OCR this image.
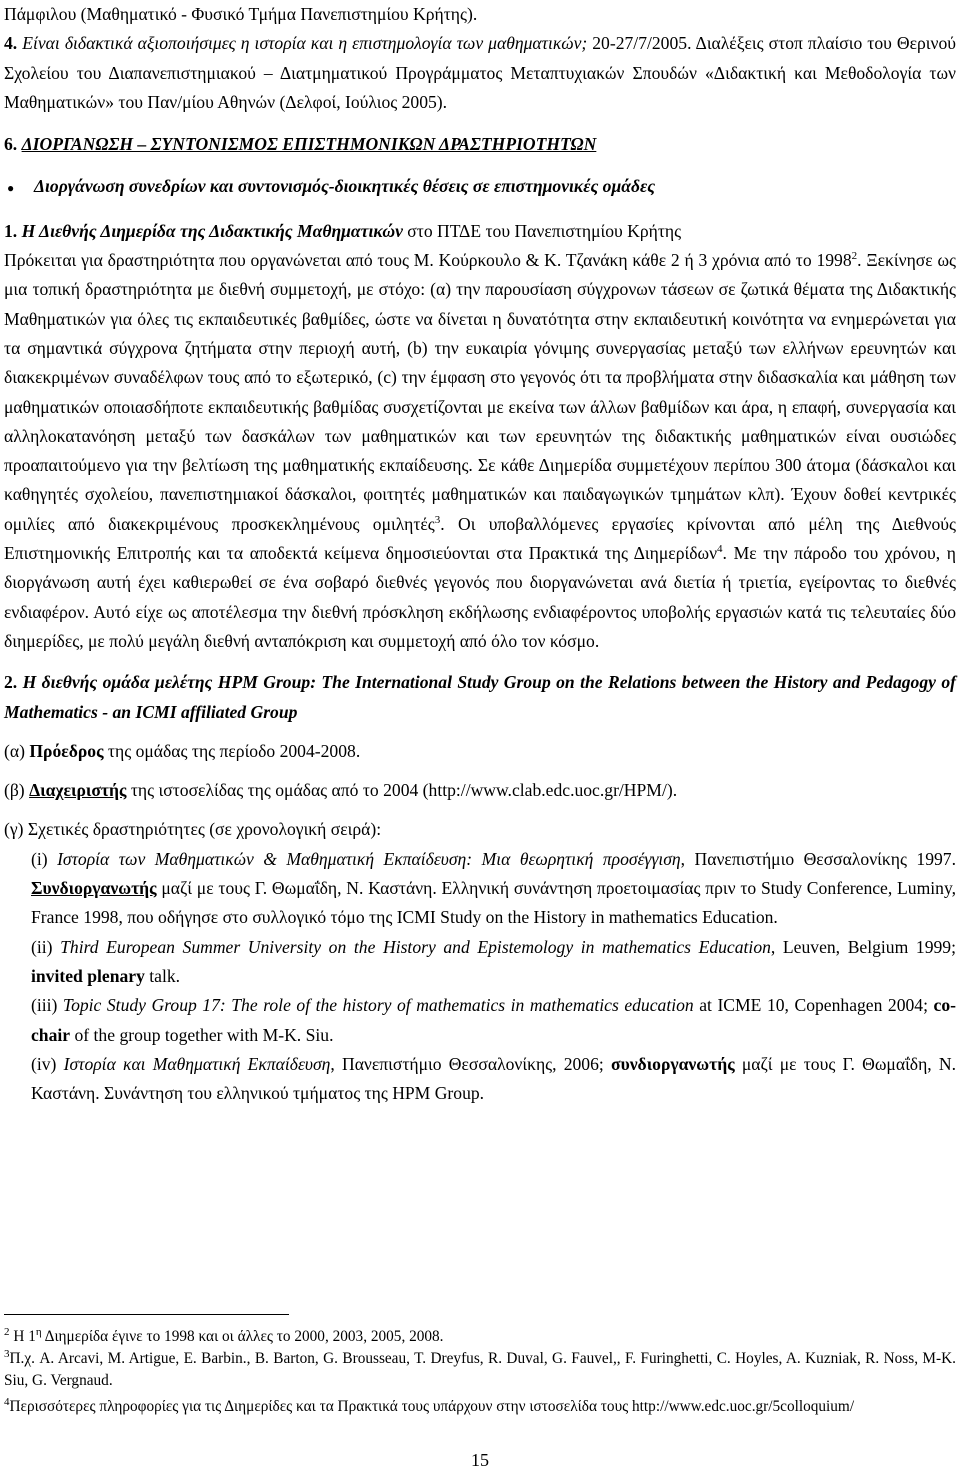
Πάμφιλου (Μαθηματικό - Φυσικό Τμήμα Πανεπιστημίου Κρήτης).

4. Είναι διδακτικά αξιοποιήσιμες η ιστορία και η επιστημολογία των μαθηματικών; 20-27/7/2005. Διαλέξεις στοπ πλαίσιο του Θερινού Σχολείου του Διαπανεπιστημιακού – Διατμηματικού Προγράμματος Μεταπτυχιακών Σπουδών «Διδακτική και Μεθοδολογία των Μαθηματικών» του Παν/μίου Αθηνών (Δελφοί, Ιούλιος 2005).

6. ΔΙΟΡΓΑΝΩΣΗ – ΣΥΝΤΟΝΙΣΜΟΣ ΕΠΙΣΤΗΜΟΝΙΚΩΝ ΔΡΑΣΤΗΡΙΟΤΗΤΩΝ

●	Διοργάνωση συνεδρίων και συντονισμός-διοικητικές θέσεις σε επιστημονικές ομάδες

1. Η Διεθνής Διημερίδα της Διδακτικής Μαθηματικών στο ΠΤΔΕ του Πανεπιστημίου Κρήτης

Πρόκειται για δραστηριότητα που οργανώνεται από τους Μ. Κούρκουλο & Κ. Τζανάκη κάθε 2 ή 3 χρόνια από το 1998$^2$. Ξεκίνησε ως μια τοπική δραστηριότητα με διεθνή συμμετοχή, με στόχο: (α) την παρουσίαση σύγχρονων τάσεων σε ζωτικά θέματα της Διδακτικής Μαθηματικών για όλες τις εκπαιδευτικές βαθμίδες, ώστε να δίνεται η δυνατότητα στην εκπαιδευτική κοινότητα να ενημερώνεται για τα σημαντικά σύγχρονα ζητήματα στην περιοχή αυτή, (b) την ευκαιρία γόνιμης συνεργασίας μεταξύ των ελλήνων ερευνητών και διακεκριμένων συναδέλφων τους από το εξωτερικό, (c) την έμφαση στο γεγονός ότι τα προβλήματα στην διδασκαλία και μάθηση των μαθηματικών οποιασδήποτε εκπαιδευτικής βαθμίδας συσχετίζονται με εκείνα των άλλων βαθμίδων και άρα, η επαφή, συνεργασία και αλληλοκατανόηση μεταξύ των δασκάλων των μαθηματικών και των ερευνητών της διδακτικής μαθηματικών είναι ουσιώδες προαπαιτούμενο για την βελτίωση της μαθηματικής εκπαίδευσης. Σε κάθε Διημερίδα συμμετέχουν περίπου 300 άτομα (δάσκαλοι και καθηγητές σχολείου, πανεπιστημιακοί δάσκαλοι, φοιτητές μαθηματικών και παιδαγωγικών τμημάτων κλπ). Έχουν δοθεί κεντρικές ομιλίες από διακεκριμένους προσκεκλημένους ομιλητές$^3$. Οι υποβαλλόμενες εργασίες κρίνονται από μέλη της Διεθνούς Επιστημονικής Επιτροπής και τα αποδεκτά κείμενα δημοσιεύονται στα Πρακτικά της Διημερίδων$^4$. Με την πάροδο του χρόνου, η διοργάνωση αυτή έχει καθιερωθεί σε ένα σοβαρό διεθνές γεγονός που διοργανώνεται ανά διετία ή τριετία, εγείροντας το διεθνές ενδιαφέρον. Αυτό είχε ως αποτέλεσμα την διεθνή πρόσκληση εκδήλωσης ενδιαφέροντος υποβολής εργασιών κατά τις τελευταίες δύο διημερίδες, με πολύ μεγάλη διεθνή ανταπόκριση και συμμετοχή από όλο τον κόσμο.

2. Η διεθνής ομάδα μελέτης HPM Group: The International Study Group on the Relations between the History and Pedagogy of Mathematics - an ICMI affiliated Group

(α) Πρόεδρος της ομάδας της περίοδο 2004-2008.

(β) Διαχειριστής της ιστοσελίδας της ομάδας από το 2004 (http://www.clab.edc.uoc.gr/HPM/).

(γ) Σχετικές δραστηριότητες (σε χρονολογική σειρά):

(i) Ιστορία των Μαθηματικών & Μαθηματική Εκπαίδευση: Μια θεωρητική προσέγγιση, Πανεπιστήμιο Θεσσαλονίκης 1997. Συνδιοργανωτής μαζί με τους Γ. Θωμαΐδη, Ν. Καστάνη. Ελληνική συνάντηση προετοιμασίας πριν το Study Conference, Luminy, France 1998, που οδήγησε στο συλλογικό τόμο της ICMI Study on the History in mathematics Education.

(ii) Third European Summer University on the History and Epistemology in mathematics Education, Leuven, Belgium 1999; invited plenary talk.

(iii) Topic Study Group 17: The role of the history of mathematics in mathematics education at ICME 10, Copenhagen 2004; co-chair of the group together with M-K. Siu.

(iv) Ιστορία και Μαθηματική Εκπαίδευση, Πανεπιστήμιο Θεσσαλονίκης, 2006; συνδιοργανωτής μαζί με τους Γ. Θωμαΐδη, Ν. Καστάνη. Συνάντηση του ελληνικού τμήματος της HPM Group.

$^2$ Η $1^\eta$ Διημερίδα έγινε το 1998 και οι άλλες το 2000, 2003, 2005, 2008.

$^3$Π.χ. A. Arcavi, M. Artigue, E. Barbin., B. Barton, G. Brousseau, T. Dreyfus, R. Duval, G. Fauvel,, F. Furinghetti, C. Hoyles, A. Kuzniak, R. Noss, M-K. Siu, G. Vergnaud.

$^4$Περισσότερες πληροφορίες για τις Διημερίδες και τα Πρακτικά τους υπάρχουν στην ιστοσελίδα τους http://www.edc.uoc.gr/5colloquium/

15
